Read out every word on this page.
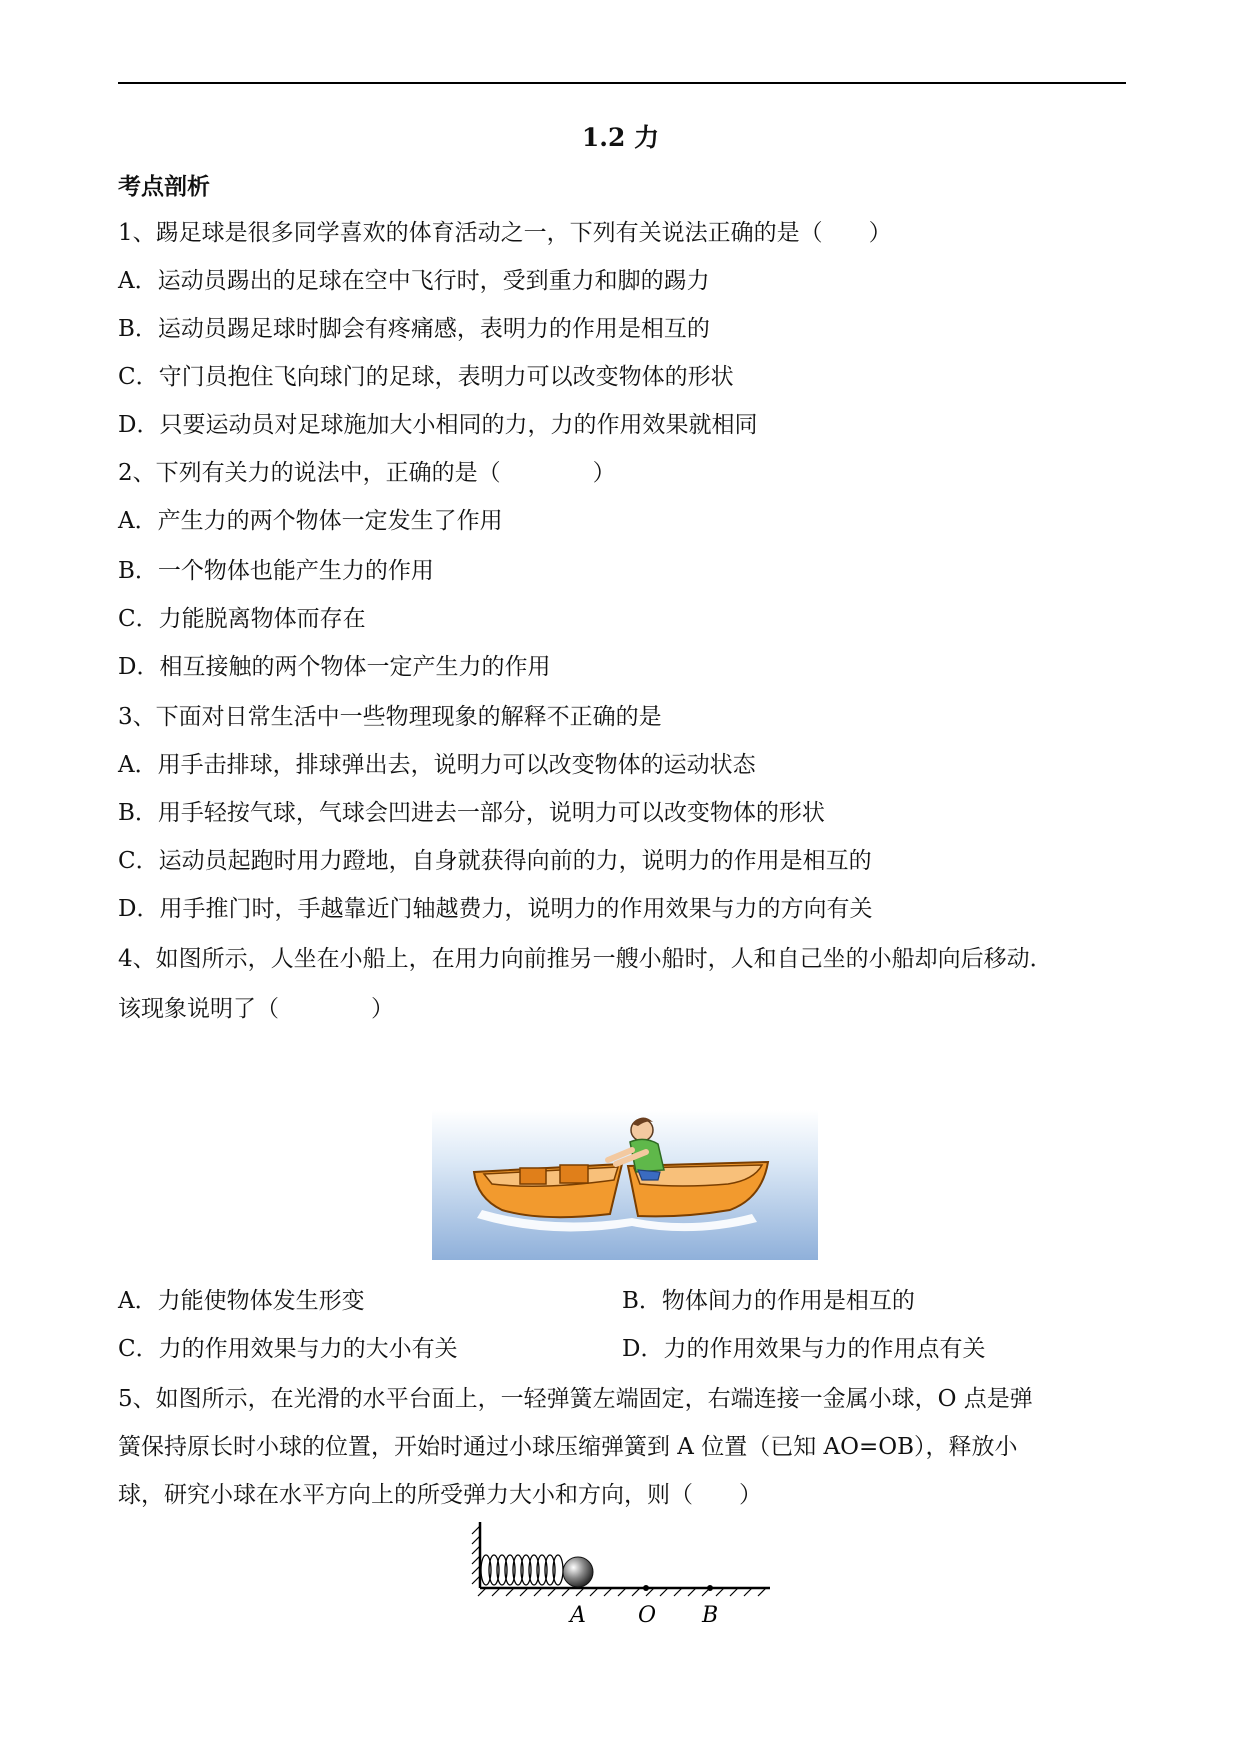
1.2 力
考点剖析
1、踢足球是很多同学喜欢的体育活动之一，下列有关说法正确的是（　　）
A．运动员踢出的足球在空中飞行时，受到重力和脚的踢力
B．运动员踢足球时脚会有疼痛感，表明力的作用是相互的
C．守门员抱住飞向球门的足球，表明力可以改变物体的形状
D．只要运动员对足球施加大小相同的力，力的作用效果就相同
2、下列有关力的说法中，正确的是（　　　　）
A．产生力的两个物体一定发生了作用
B．一个物体也能产生力的作用
C．力能脱离物体而存在
D．相互接触的两个物体一定产生力的作用
3、下面对日常生活中一些物理现象的解释不正确的是
A．用手击排球，排球弹出去，说明力可以改变物体的运动状态
B．用手轻按气球，气球会凹进去一部分，说明力可以改变物体的形状
C．运动员起跑时用力蹬地，自身就获得向前的力，说明力的作用是相互的
D．用手推门时，手越靠近门轴越费力，说明力的作用效果与力的方向有关
4、如图所示，人坐在小船上，在用力向前推另一艘小船时，人和自己坐的小船却向后移动．
该现象说明了（　　　　）
A．力能使物体发生形变	B．物体间力的作用是相互的
C．力的作用效果与力的大小有关	D．力的作用效果与力的作用点有关
5、如图所示，在光滑的水平台面上，一轻弹簧左端固定，右端连接一金属小球，O 点是弹
簧保持原长时小球的位置，开始时通过小球压缩弹簧到 A 位置（已知 AO=OB），释放小
球，研究小球在水平方向上的所受弹力大小和方向，则（　　）
A O B
